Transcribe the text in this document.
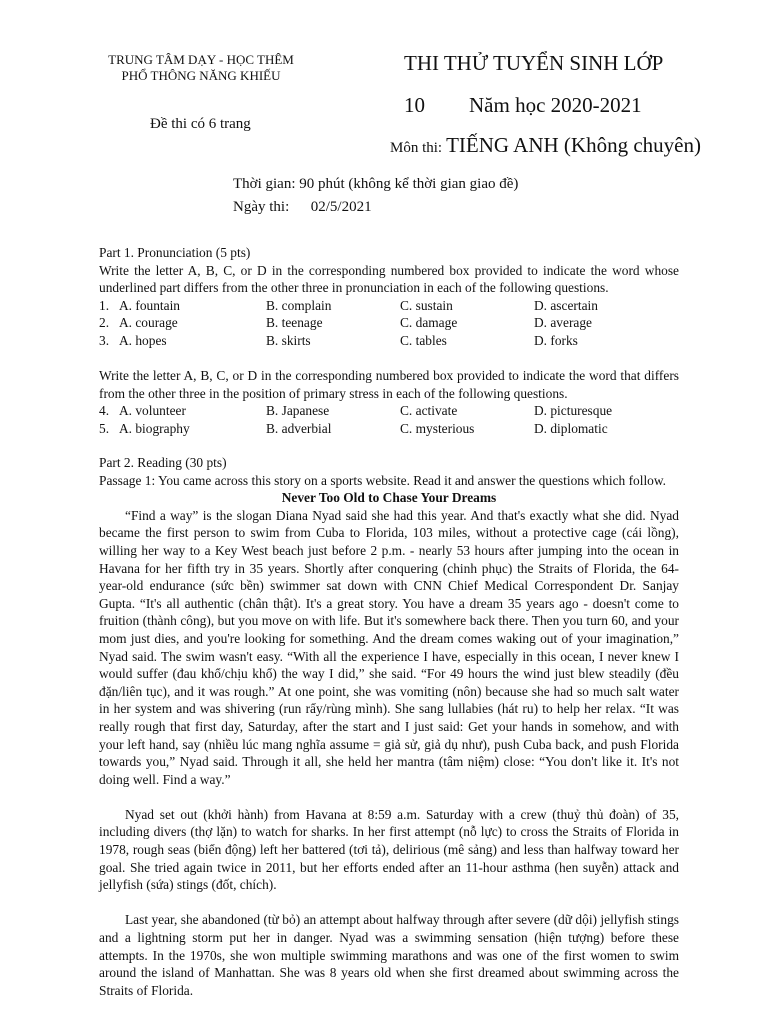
TRUNG TÂM DẠY - HỌC THÊM
PHỔ THÔNG NĂNG KHIẾU
Đề thi có 6 trang
THI THỬ TUYỂN SINH LỚP
10 Năm học 2020-2021
Môn thi: TIẾNG ANH (Không chuyên)
Thời gian: 90 phút (không kể thời gian giao đề)
Ngày thi: 02/5/2021
Part 1. Pronunciation (5 pts)
Write the letter A, B, C, or D in the corresponding numbered box provided to indicate the word whose underlined part differs from the other three in pronunciation in each of the following questions.
1. A. fountain	B. complain	C. sustain	D. ascertain
2. A. courage	B. teenage	C. damage	D. average
3. A. hopes	B. skirts	C. tables	D. forks
Write the letter A, B, C, or D in the corresponding numbered box provided to indicate the word that differs from the other three in the position of primary stress in each of the following questions.
4. A. volunteer	B. Japanese	C. activate	D. picturesque
5. A. biography	B. adverbial	C. mysterious	D. diplomatic
Part 2. Reading (30 pts)
Passage 1: You came across this story on a sports website. Read it and answer the questions which follow.
Never Too Old to Chase Your Dreams
“Find a way” is the slogan Diana Nyad said she had this year. And that's exactly what she did. Nyad became the first person to swim from Cuba to Florida, 103 miles, without a protective cage (cái lồng), willing her way to a Key West beach just before 2 p.m. - nearly 53 hours after jumping into the ocean in Havana for her fifth try in 35 years. Shortly after conquering (chinh phục) the Straits of Florida, the 64-year-old endurance (sức bền) swimmer sat down with CNN Chief Medical Correspondent Dr. Sanjay Gupta. “It's all authentic (chân thật). It's a great story. You have a dream 35 years ago - doesn't come to fruition (thành công), but you move on with life. But it's somewhere back there. Then you turn 60, and your mom just dies, and you're looking for something. And the dream comes waking out of your imagination,” Nyad said. The swim wasn't easy. “With all the experience I have, especially in this ocean, I never knew I would suffer (đau khổ/chịu khổ) the way I did,” she said. “For 49 hours the wind just blew steadily (đều đặn/liên tục), and it was rough.” At one point, she was vomiting (nôn) because she had so much salt water in her system and was shivering (run rẩy/rùng mình). She sang lullabies (hát ru) to help her relax. “It was really rough that first day, Saturday, after the start and I just said: Get your hands in somehow, and with your left hand, say (nhiều lúc mang nghĩa assume = giả sử, giả dụ như), push Cuba back, and push Florida towards you,” Nyad said. Through it all, she held her mantra (tâm niệm) close: “You don't like it. It's not doing well. Find a way.”
Nyad set out (khởi hành) from Havana at 8:59 a.m. Saturday with a crew (thuỷ thủ đoàn) of 35, including divers (thợ lặn) to watch for sharks. In her first attempt (nỗ lực) to cross the Straits of Florida in 1978, rough seas (biển động) left her battered (tơi tả), delirious (mê sảng) and less than halfway toward her goal. She tried again twice in 2011, but her efforts ended after an 11-hour asthma (hen suyễn) attack and jellyfish (sứa) stings (đốt, chích).
Last year, she abandoned (từ bỏ) an attempt about halfway through after severe (dữ dội) jellyfish stings and a lightning storm put her in danger. Nyad was a swimming sensation (hiện tượng) before these attempts. In the 1970s, she won multiple swimming marathons and was one of the first women to swim around the island of Manhattan. She was 8 years old when she first dreamed about swimming across the Straits of Florida.
